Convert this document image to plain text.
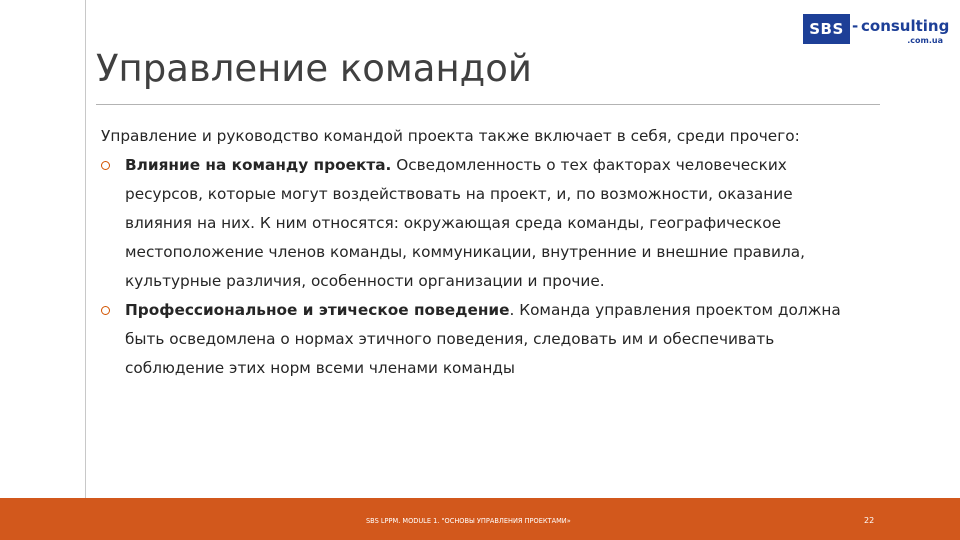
SBS - consulting
.com.ua
Управление командой

Управление и руководство командой проекта также включает в себя, среди прочего:

Влияние на команду проекта. Осведомленность о тех факторах человеческих
ресурсов, которые могут воздействовать на проект, и, по возможности, оказание
влияния на них. К ним относятся: окружающая среда команды, географическое
местоположение членов команды, коммуникации, внутренние и внешние правила,
культурные различия, особенности организации и прочие.
Профессиональное и этическое поведение. Команда управления проектом должна
быть осведомлена о нормах этичного поведения, следовать им и обеспечивать
соблюдение этих норм всеми членами команды
SBS LPPM. MODULE 1. "ОСНОВЫ УПРАВЛЕНИЯ ПРОЕКТАМИ»	22
